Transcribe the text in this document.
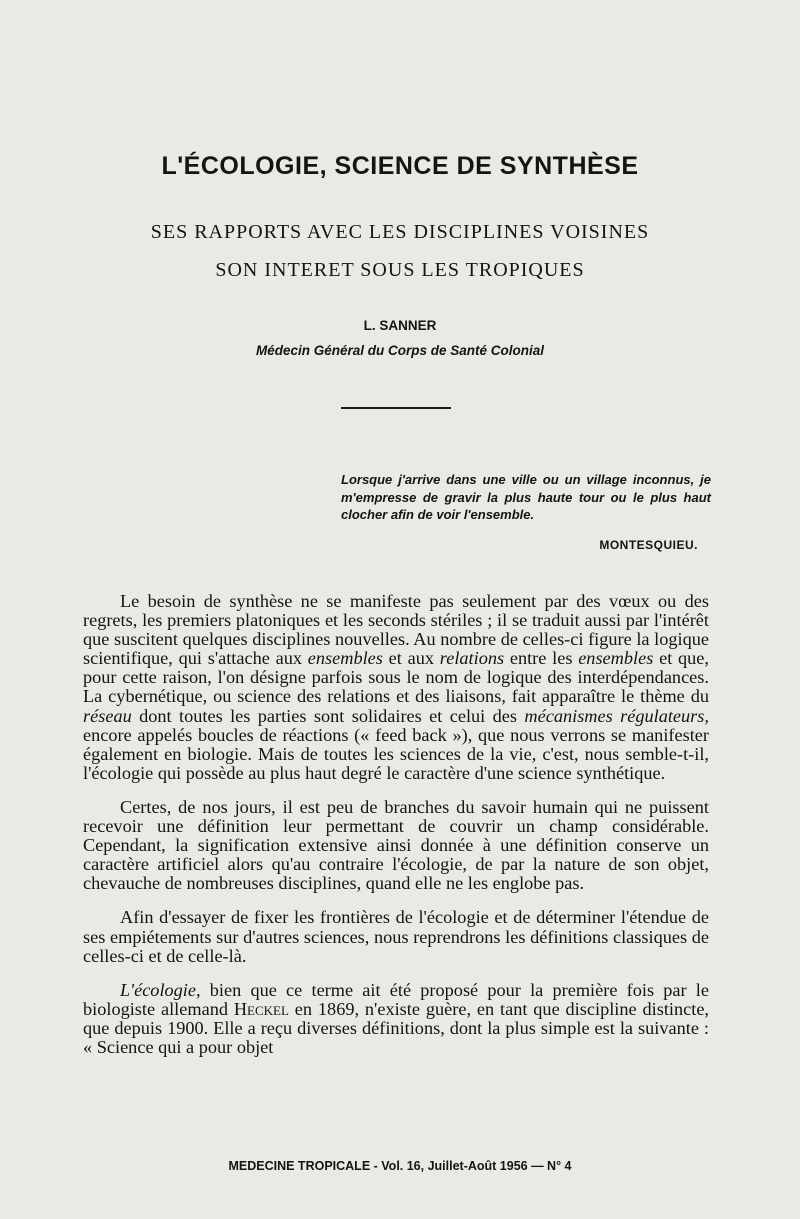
L'ÉCOLOGIE, SCIENCE DE SYNTHÈSE
SES RAPPORTS AVEC LES DISCIPLINES VOISINES
SON INTERET SOUS LES TROPIQUES
L. SANNER
Médecin Général du Corps de Santé Colonial
Lorsque j'arrive dans une ville ou un village inconnus, je m'empresse de gravir la plus haute tour ou le plus haut clocher afin de voir l'ensemble.
MONTESQUIEU.

Le besoin de synthèse ne se manifeste pas seulement par des vœux ou des regrets, les premiers platoniques et les seconds stériles ; il se traduit aussi par l'intérêt que suscitent quelques disciplines nouvelles. Au nombre de celles-ci figure la logique scientifique, qui s'attache aux ensembles et aux relations entre les ensembles et que, pour cette raison, l'on désigne parfois sous le nom de logique des interdépendances. La cybernétique, ou science des relations et des liaisons, fait apparaître le thème du réseau dont toutes les parties sont solidaires et celui des mécanismes régulateurs, encore appelés boucles de réactions (« feed back »), que nous verrons se manifester également en biologie. Mais de toutes les sciences de la vie, c'est, nous semble-t-il, l'écologie qui possède au plus haut degré le caractère d'une science synthétique.

Certes, de nos jours, il est peu de branches du savoir humain qui ne puissent recevoir une définition leur permettant de couvrir un champ considérable. Cependant, la signification extensive ainsi donnée à une définition conserve un caractère artificiel alors qu'au contraire l'écologie, de par la nature de son objet, chevauche de nombreuses disciplines, quand elle ne les englobe pas.

Afin d'essayer de fixer les frontières de l'écologie et de déterminer l'étendue de ses empiétements sur d'autres sciences, nous reprendrons les définitions classiques de celles-ci et de celle-là.

L'écologie, bien que ce terme ait été proposé pour la première fois par le biologiste allemand Heckel en 1869, n'existe guère, en tant que discipline distincte, que depuis 1900. Elle a reçu diverses définitions, dont la plus simple est la suivante : « Science qui a pour objet

MEDECINE TROPICALE - Vol. 16, Juillet-Août 1956 — N° 4
